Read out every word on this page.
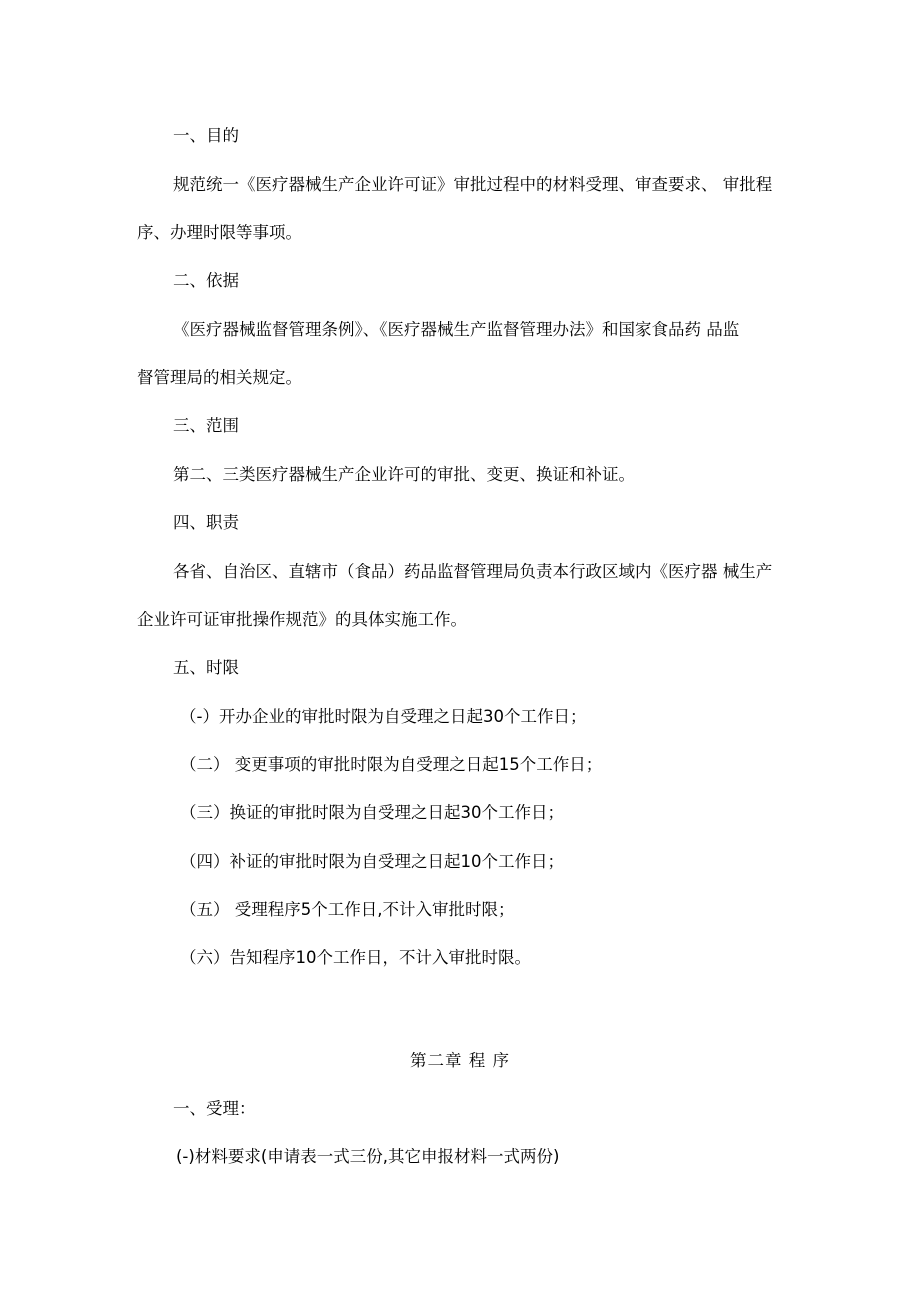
一、目的

规范统一《医疗器械生产企业许可证》审批过程中的材料受理、审查要求、 审批程

序、办理时限等事项。

二、依据

《医疗器械监督管理条例》、《医疗器械生产监督管理办法》和国家食品药 品监

督管理局的相关规定。

三、范围

第二、三类医疗器械生产企业许可的审批、变更、换证和补证。

四、职责

各省、自治区、直辖市（食品）药品监督管理局负责本行政区域内《医疗器 械生产

企业许可证审批操作规范》的具体实施工作。

五、时限

（-）开办企业的审批时限为自受理之日起30个工作日；

（二） 变更事项的审批时限为自受理之日起15个工作日；

（三）换证的审批时限为自受理之日起30个工作日；

（四）补证的审批时限为自受理之日起10个工作日；

（五） 受理程序5个工作日,不计入审批时限；

（六）告知程序10个工作日，不计入审批时限。

第二章 程 序

一、受理：

(-)材料要求(申请表一式三份,其它申报材料一式两份)
